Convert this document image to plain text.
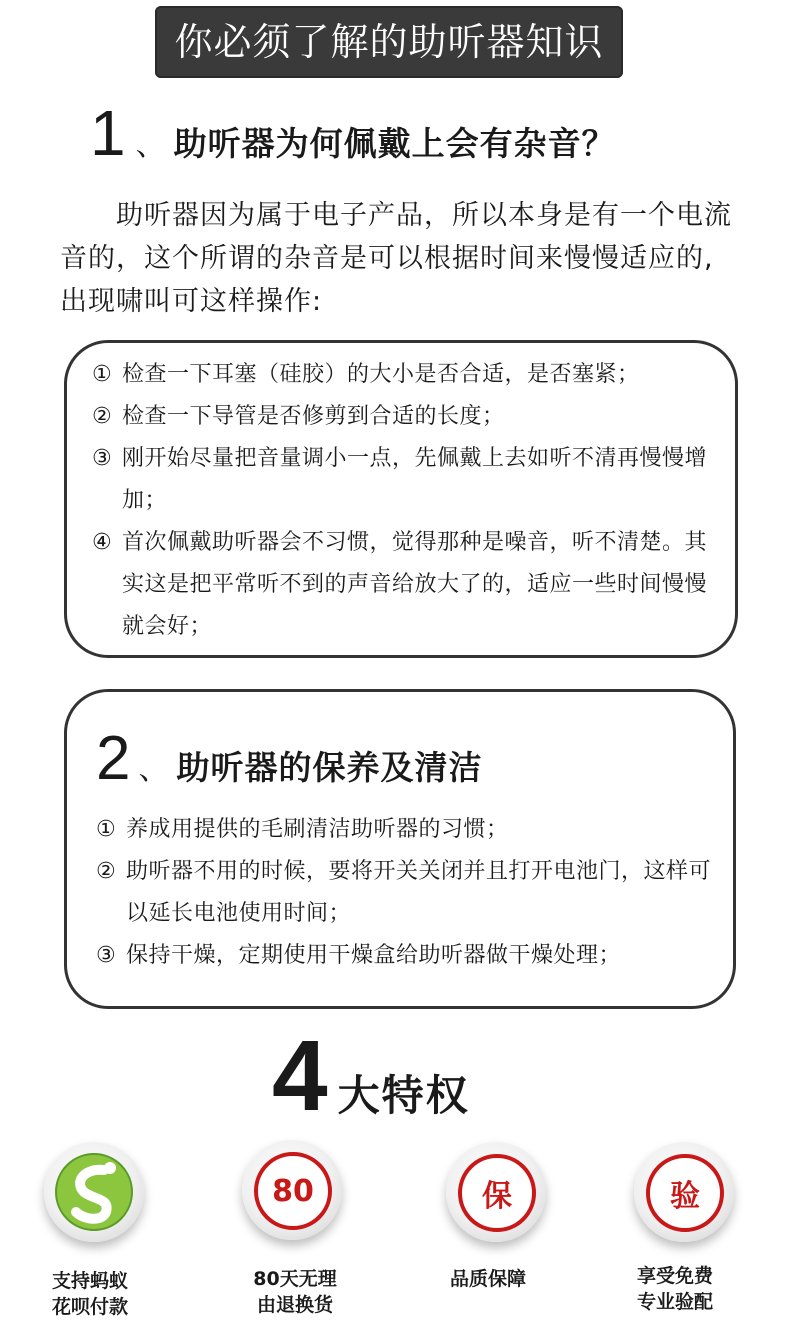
你必须了解的助听器知识
1 、 助听器为何佩戴上会有杂音？
助听器因为属于电子产品，所以本身是有一个电流音的，这个所谓的杂音是可以根据时间来慢慢适应的,出现啸叫可这样操作:
① 检查一下耳塞（硅胶）的大小是否合适，是否塞紧；
② 检查一下导管是否修剪到合适的长度；
③ 刚开始尽量把音量调小一点，先佩戴上去如听不清再慢慢增加；
④ 首次佩戴助听器会不习惯，觉得那种是噪音，听不清楚。其实这是把平常听不到的声音给放大了的，适应一些时间慢慢就会好；
2 、 助听器的保养及清洁
① 养成用提供的毛刷清洁助听器的习惯；
② 助听器不用的时候，要将开关关闭并且打开电池门，这样可以延长电池使用时间；
③ 保持干燥，定期使用干燥盒给助听器做干燥处理；
4 大特权
80	保	验
支持蚂蚁
花呗付款
80天无理
由退换货
品质保障	享受免费
专业验配
